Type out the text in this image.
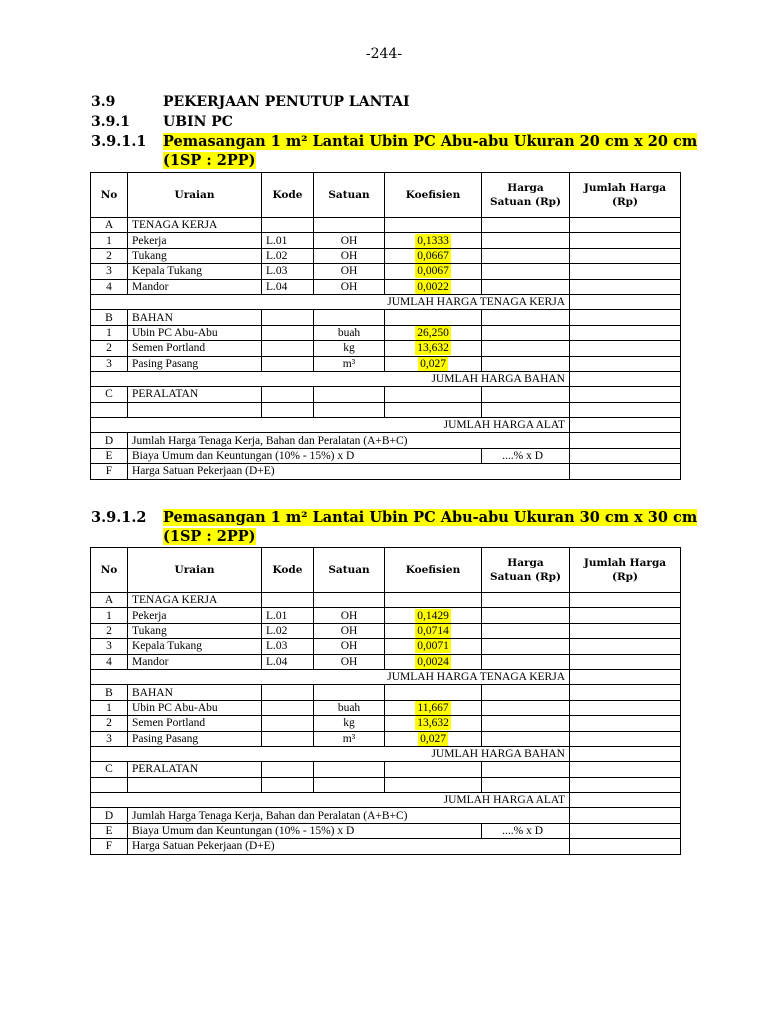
-244-
3.9	PEKERJAAN PENUTUP LANTAI
3.9.1 UBIN PC
3.9.1.1 Pemasangan 1 m² Lantai Ubin PC Abu-abu Ukuran 20 cm x 20 cm
(1SP : 2PP)
No	Uraian	Kode	Satuan	Koefisien	Harga Satuan (Rp)	Jumlah Harga (Rp)
A	TENAGA KERJA					
1	Pekerja	L.01	OH	0,1333		
2	Tukang	L.02	OH	0,0667		
3	Kepala Tukang	L.03	OH	0,0067		
4	Mandor	L.04	OH	0,0022		
JUMLAH HARGA TENAGA KERJA						
B	BAHAN					
1	Ubin PC Abu-Abu		buah	26,250		
2	Semen Portland		kg	13,632		
3	Pasing Pasang		m³	0,027		
JUMLAH HARGA BAHAN						
C	PERALATAN					

JUMLAH HARGA ALAT						
D	Jumlah Harga Tenaga Kerja, Bahan dan Peralatan (A+B+C)					
E	Biaya Umum dan Keuntungan (10% - 15%) x D				....% x D	
F	Harga Satuan Pekerjaan (D+E)					
3.9.1.2 Pemasangan 1 m² Lantai Ubin PC Abu-abu Ukuran 30 cm x 30 cm
(1SP : 2PP)
No	Uraian	Kode	Satuan	Koefisien	Harga Satuan (Rp)	Jumlah Harga (Rp)
A	TENAGA KERJA					
1	Pekerja	L.01	OH	0,1429		
2	Tukang	L.02	OH	0,0714		
3	Kepala Tukang	L.03	OH	0,0071		
4	Mandor	L.04	OH	0,0024		
JUMLAH HARGA TENAGA KERJA						
B	BAHAN					
1	Ubin PC Abu-Abu		buah	11,667		
2	Semen Portland		kg	13,632		
3	Pasing Pasang		m³	0,027		
JUMLAH HARGA BAHAN						
C	PERALATAN					

JUMLAH HARGA ALAT						
D	Jumlah Harga Tenaga Kerja, Bahan dan Peralatan (A+B+C)					
E	Biaya Umum dan Keuntungan (10% - 15%) x D				....% x D	
F	Harga Satuan Pekerjaan (D+E)					
